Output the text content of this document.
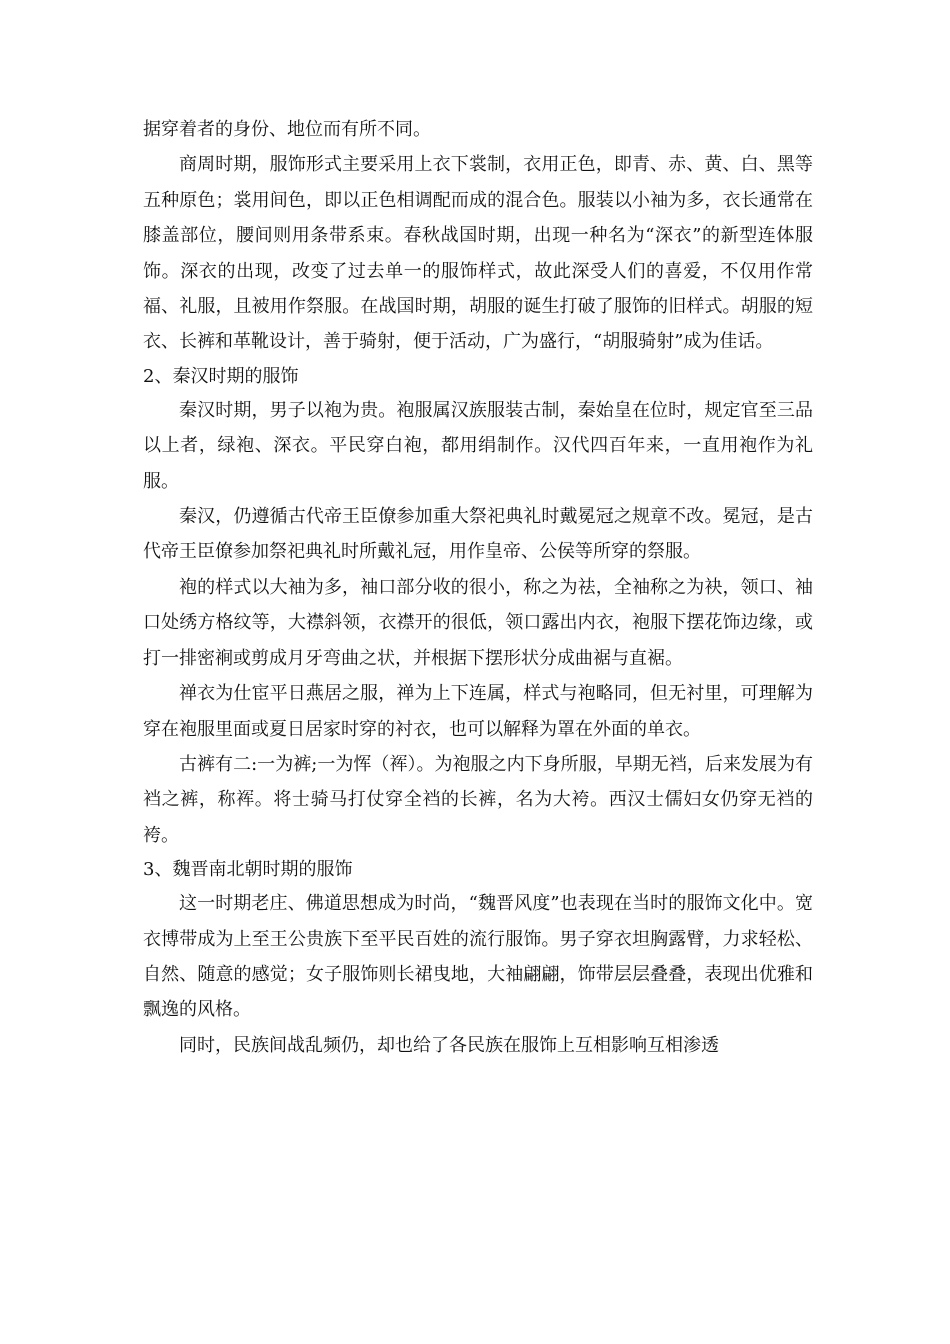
据穿着者的身份、地位而有所不同。

商周时期，服饰形式主要采用上衣下裳制，衣用正色，即青、赤、黄、白、黑等五种原色；裳用间色，即以正色相调配而成的混合色。服装以小袖为多，衣长通常在膝盖部位，腰间则用条带系束。春秋战国时期，出现一种名为“深衣”的新型连体服饰。深衣的出现，改变了过去单一的服饰样式，故此深受人们的喜爱，不仅用作常福、礼服，且被用作祭服。在战国时期，胡服的诞生打破了服饰的旧样式。胡服的短衣、长裤和革靴设计，善于骑射，便于活动，广为盛行，“胡服骑射”成为佳话。

2、秦汉时期的服饰

秦汉时期，男子以袍为贵。袍服属汉族服装古制，秦始皇在位时，规定官至三品以上者，绿袍、深衣。平民穿白袍，都用绢制作。汉代四百年来，一直用袍作为礼服。

秦汉，仍遵循古代帝王臣僚参加重大祭祀典礼时戴冕冠之规章不改。冕冠，是古代帝王臣僚参加祭祀典礼时所戴礼冠，用作皇帝、公侯等所穿的祭服。

袍的样式以大袖为多，袖口部分收的很小，称之为祛，全袖称之为袂，领口、袖口处绣方格纹等，大襟斜领，衣襟开的很低，领口露出内衣，袍服下摆花饰边缘，或打一排密裥或剪成月牙弯曲之状，并根据下摆形状分成曲裾与直裾。

禅衣为仕宦平日燕居之服，禅为上下连属，样式与袍略同，但无衬里，可理解为穿在袍服里面或夏日居家时穿的衬衣，也可以解释为罩在外面的单衣。

古裤有二:一为裤;一为恽（裈）。为袍服之内下身所服，早期无裆，后来发展为有裆之裤，称裈。将士骑马打仗穿全裆的长裤，名为大袴。西汉士儒妇女仍穿无裆的袴。

3、魏晋南北朝时期的服饰

这一时期老庄、佛道思想成为时尚，“魏晋风度”也表现在当时的服饰文化中。宽衣博带成为上至王公贵族下至平民百姓的流行服饰。男子穿衣坦胸露臂，力求轻松、自然、随意的感觉；女子服饰则长裙曳地，大袖翩翩，饰带层层叠叠，表现出优雅和飘逸的风格。

同时，民族间战乱频仍，却也给了各民族在服饰上互相影响互相渗透
